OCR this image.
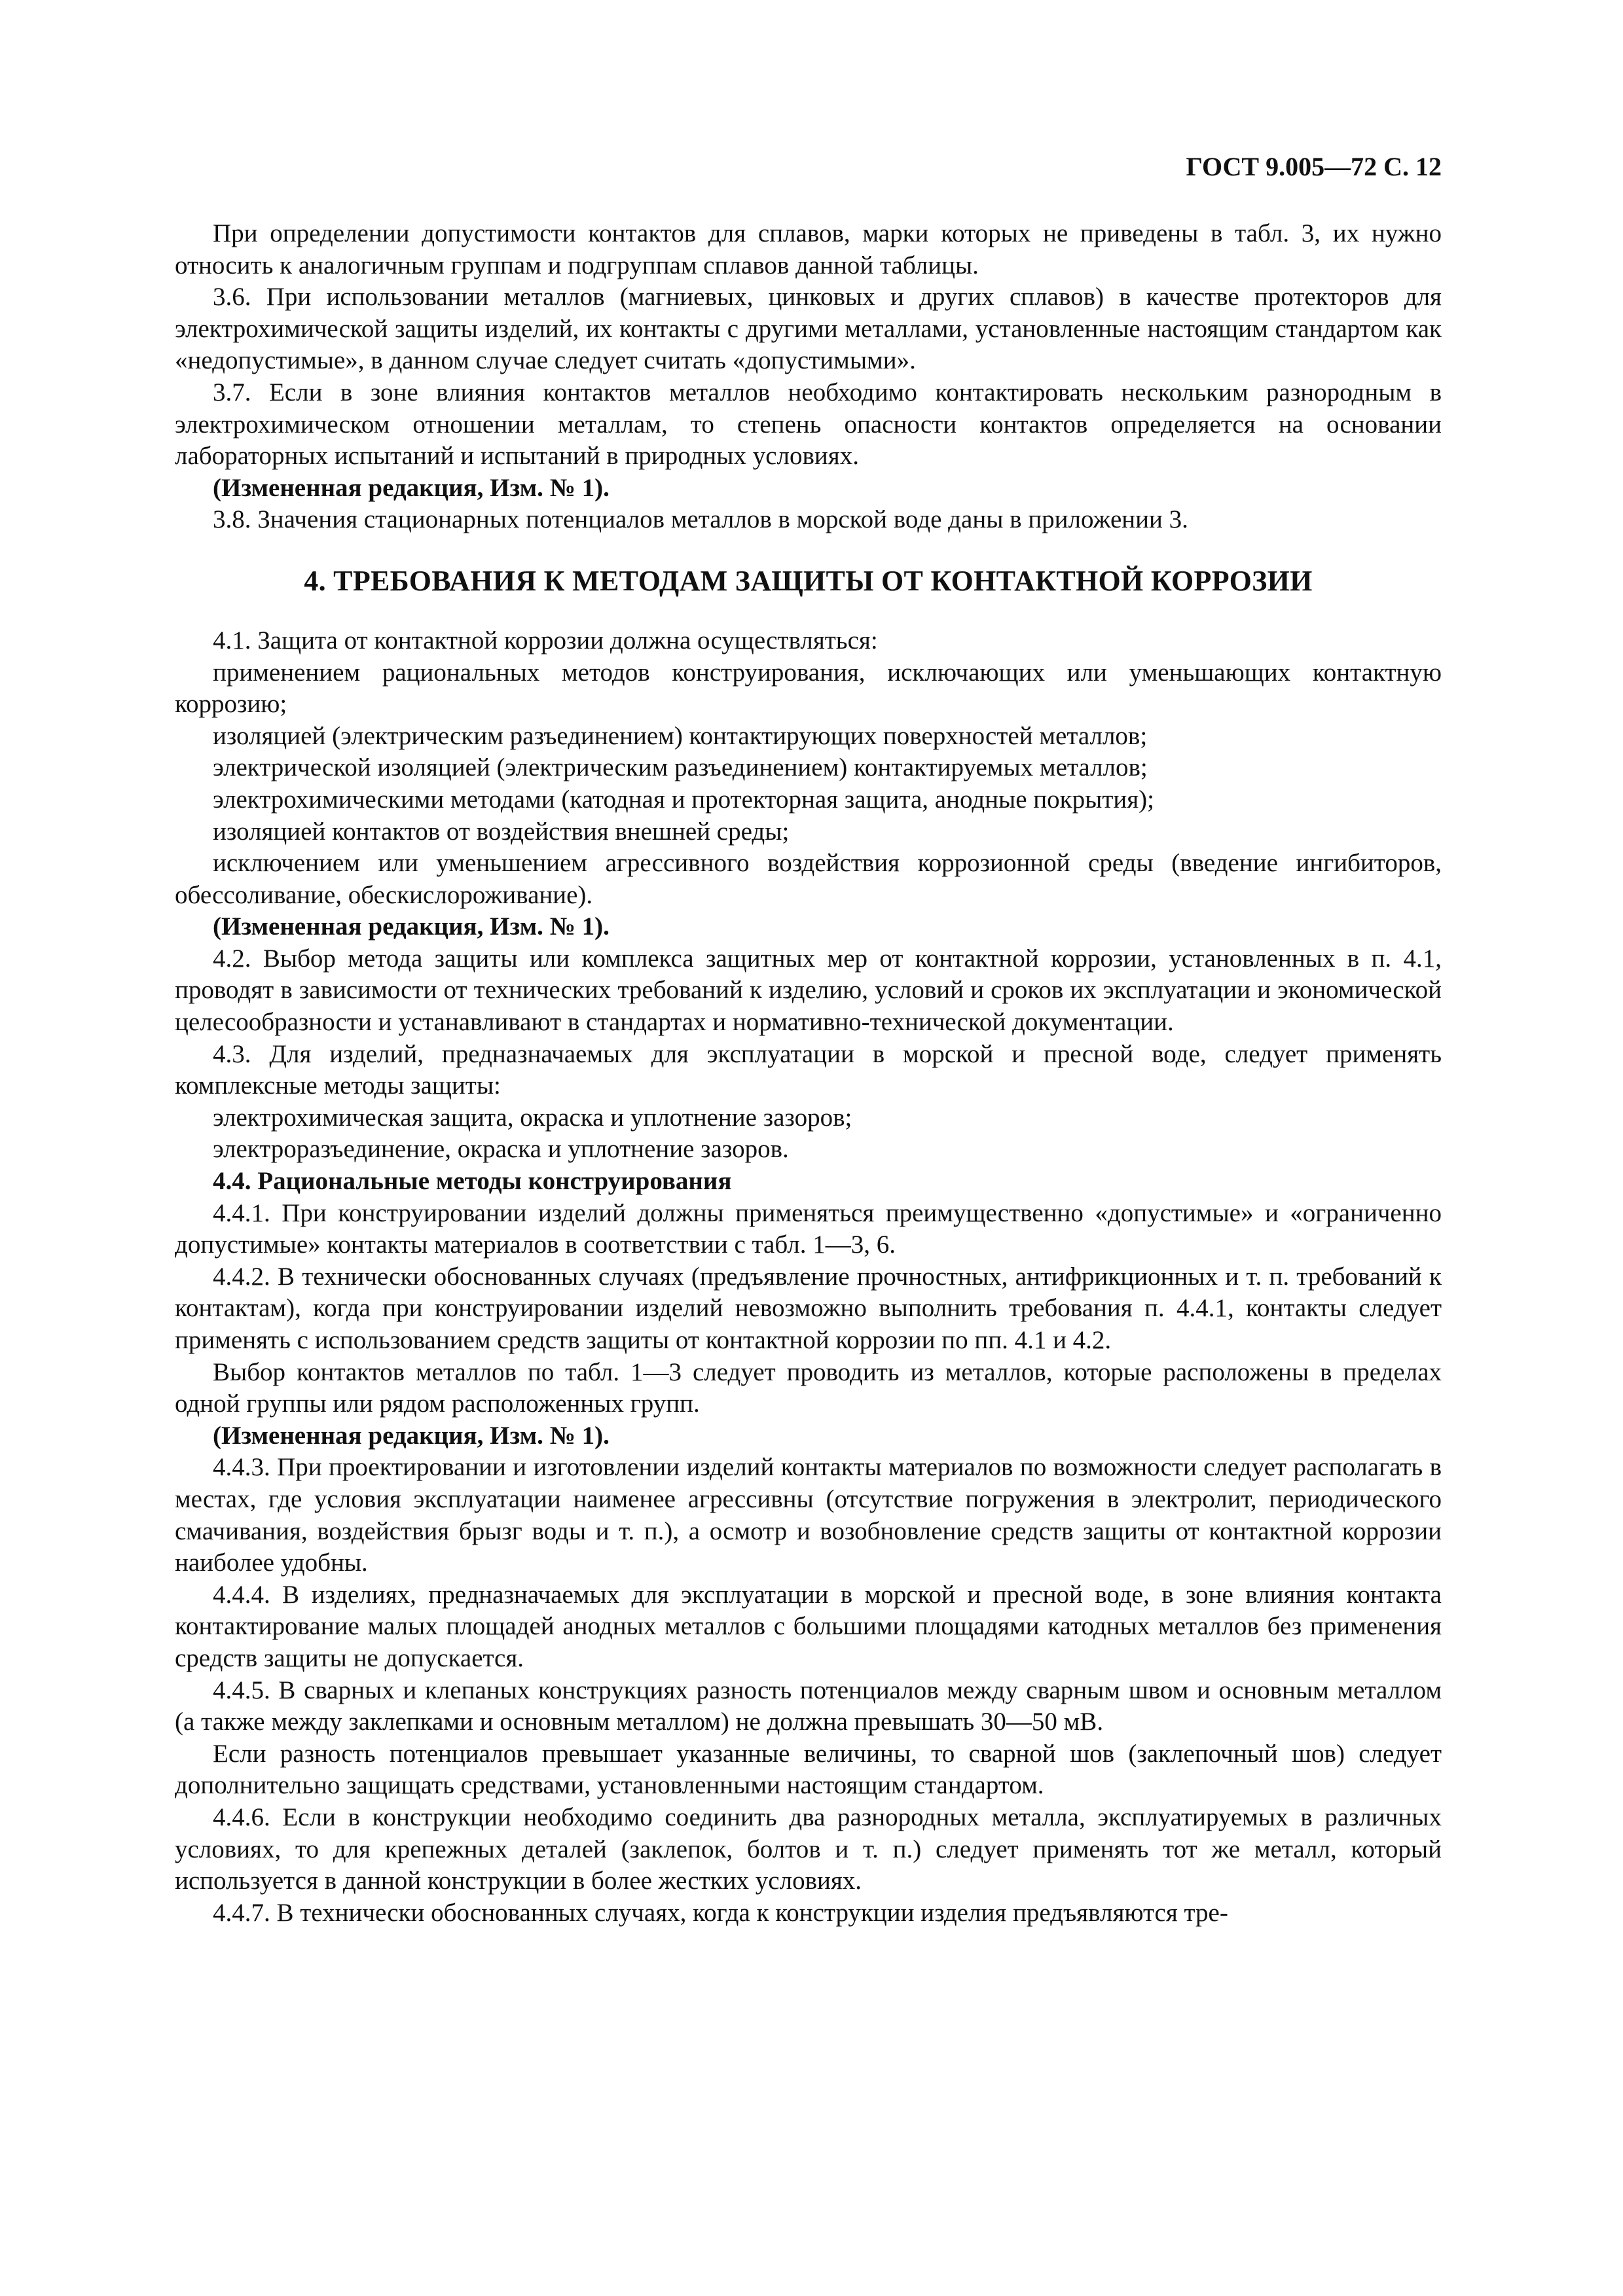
ГОСТ 9.005—72 С. 12

При определении допустимости контактов для сплавов, марки которых не приведены в табл. 3, их нужно относить к аналогичным группам и подгруппам сплавов данной таблицы.

3.6. При использовании металлов (магниевых, цинковых и других сплавов) в качестве протекторов для электрохимической защиты изделий, их контакты с другими металлами, установленные настоящим стандартом как «недопустимые», в данном случае следует считать «допустимыми».

3.7. Если в зоне влияния контактов металлов необходимо контактировать нескольким разнородным в электрохимическом отношении металлам, то степень опасности контактов определяется на основании лабораторных испытаний и испытаний в природных условиях.

(Измененная редакция, Изм. № 1).

3.8. Значения стационарных потенциалов металлов в морской воде даны в приложении 3.

4. ТРЕБОВАНИЯ К МЕТОДАМ ЗАЩИТЫ ОТ КОНТАКТНОЙ КОРРОЗИИ

4.1. Защита от контактной коррозии должна осуществляться:

применением рациональных методов конструирования, исключающих или уменьшающих контактную коррозию;

изоляцией (электрическим разъединением) контактирующих поверхностей металлов;

электрической изоляцией (электрическим разъединением) контактируемых металлов;

электрохимическими методами (катодная и протекторная защита, анодные покрытия);

изоляцией контактов от воздействия внешней среды;

исключением или уменьшением агрессивного воздействия коррозионной среды (введение ингибиторов, обессоливание, обескислороживание).

(Измененная редакция, Изм. № 1).

4.2. Выбор метода защиты или комплекса защитных мер от контактной коррозии, установленных в п. 4.1, проводят в зависимости от технических требований к изделию, условий и сроков их эксплуатации и экономической целесообразности и устанавливают в стандартах и нормативно-технической документации.

4.3. Для изделий, предназначаемых для эксплуатации в морской и пресной воде, следует применять комплексные методы защиты:

электрохимическая защита, окраска и уплотнение зазоров;

электроразъединение, окраска и уплотнение зазоров.

4.4. Рациональные методы конструирования

4.4.1. При конструировании изделий должны применяться преимущественно «допустимые» и «ограниченно допустимые» контакты материалов в соответствии с табл. 1—3, 6.

4.4.2. В технически обоснованных случаях (предъявление прочностных, антифрикционных и т. п. требований к контактам), когда при конструировании изделий невозможно выполнить требования п. 4.4.1, контакты следует применять с использованием средств защиты от контактной коррозии по пп. 4.1 и 4.2.

Выбор контактов металлов по табл. 1—3 следует проводить из металлов, которые расположены в пределах одной группы или рядом расположенных групп.

(Измененная редакция, Изм. № 1).

4.4.3. При проектировании и изготовлении изделий контакты материалов по возможности следует располагать в местах, где условия эксплуатации наименее агрессивны (отсутствие погружения в электролит, периодического смачивания, воздействия брызг воды и т. п.), а осмотр и возобновление средств защиты от контактной коррозии наиболее удобны.

4.4.4. В изделиях, предназначаемых для эксплуатации в морской и пресной воде, в зоне влияния контакта контактирование малых площадей анодных металлов с большими площадями катодных металлов без применения средств защиты не допускается.

4.4.5. В сварных и клепаных конструкциях разность потенциалов между сварным швом и основным металлом (а также между заклепками и основным металлом) не должна превышать 30—50 мВ.

Если разность потенциалов превышает указанные величины, то сварной шов (заклепочный шов) следует дополнительно защищать средствами, установленными настоящим стандартом.

4.4.6. Если в конструкции необходимо соединить два разнородных металла, эксплуатируемых в различных условиях, то для крепежных деталей (заклепок, болтов и т. п.) следует применять тот же металл, который используется в данной конструкции в более жестких условиях.

4.4.7. В технически обоснованных случаях, когда к конструкции изделия предъявляются тре-
